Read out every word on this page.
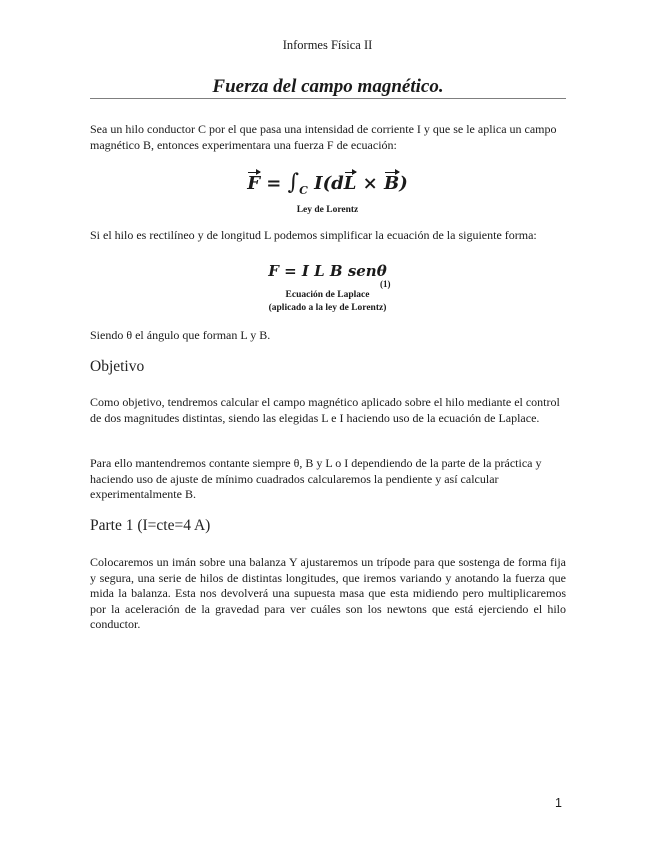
Informes Física II
Fuerza del campo magnético.

Sea un hilo conductor C por el que pasa una intensidad de corriente I y que se le aplica un campo magnético B, entonces experimentara una fuerza F de ecuación:

$F = \int_C$ I(dL × B)
Ley de Lorentz

Si el hilo es rectilíneo y de longitud L podemos simplificar la ecuación de la siguiente forma:

F = I L B senθ
(1)
Ecuación de Laplace
(aplicado a la ley de Lorentz)

Siendo θ el ángulo que forman L y B.

Objetivo

Como objetivo, tendremos calcular el campo magnético aplicado sobre el hilo mediante el control de dos magnitudes distintas, siendo las elegidas L e I haciendo uso de la ecuación de Laplace.

Para ello mantendremos contante siempre θ, B y L o I dependiendo de la parte de la práctica y haciendo uso de ajuste de mínimo cuadrados calcularemos la pendiente y así calcular experimentalmente B.

Parte 1 (I=cte=4 A)

Colocaremos un imán sobre una balanza Y ajustaremos un trípode para que sostenga de forma fija y segura, una serie de hilos de distintas longitudes, que iremos variando y anotando la fuerza que mida la balanza. Esta nos devolverá una supuesta masa que esta midiendo pero multiplicaremos por la aceleración de la gravedad para ver cuáles son los newtons que está ejerciendo el hilo conductor.

1
